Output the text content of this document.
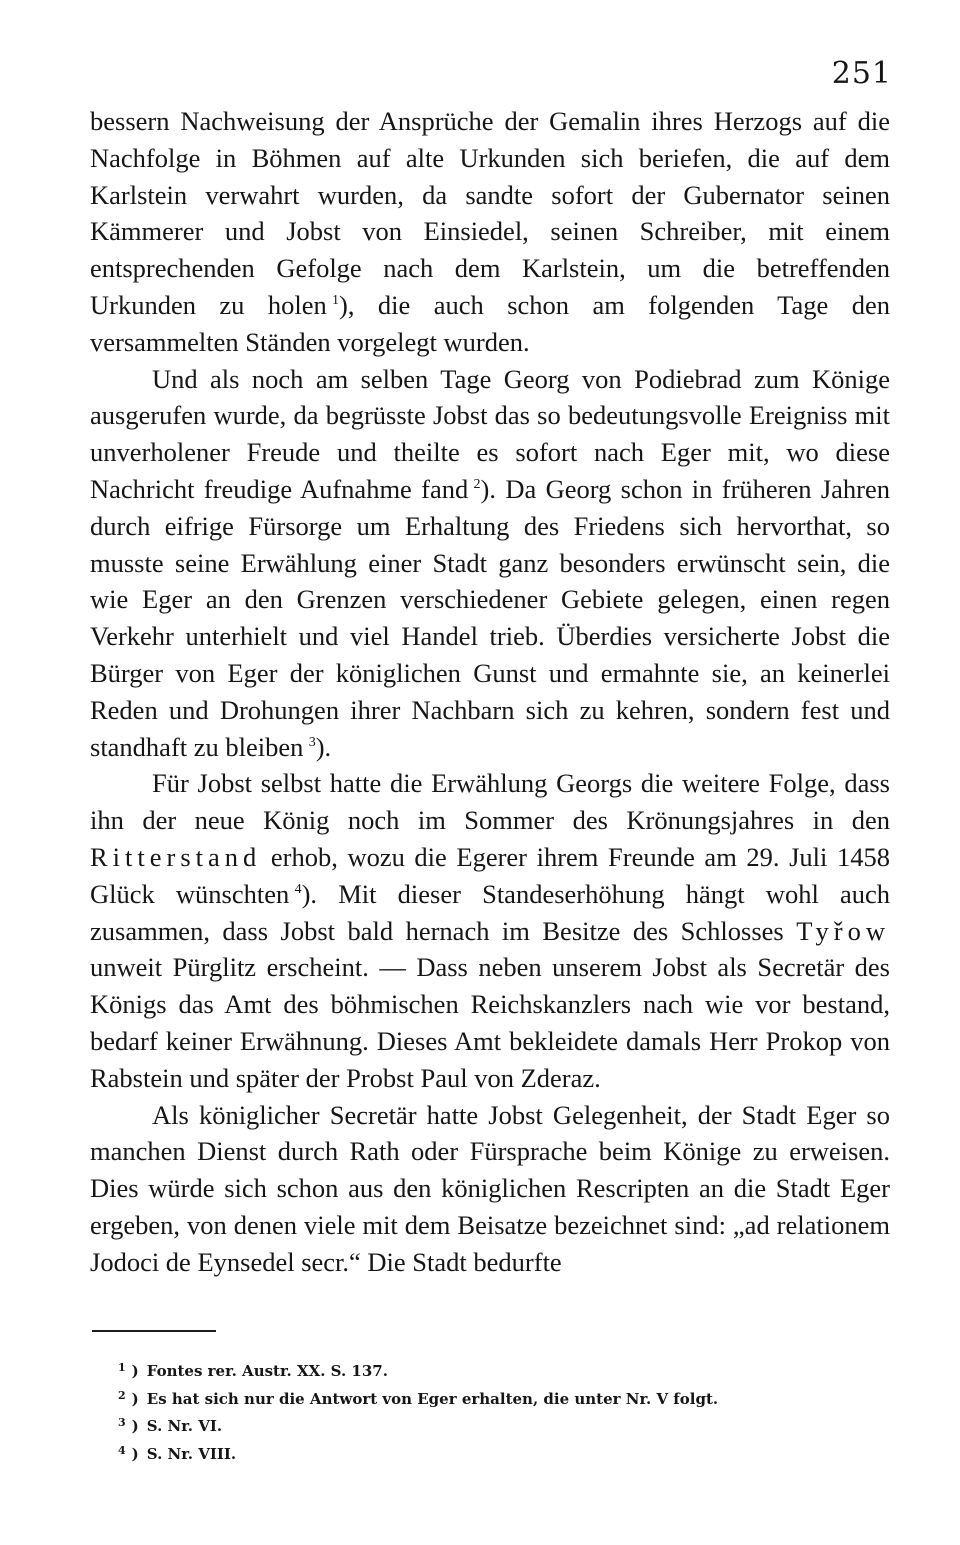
251

bessern Nachweisung der Ansprüche der Gemalin ihres Herzogs auf die Nachfolge in Böhmen auf alte Urkunden sich beriefen, die auf dem Karlstein verwahrt wurden, da sandte sofort der Gubernator seinen Kämmerer und Jobst von Einsiedel, seinen Schreiber, mit einem entsprechenden Gefolge nach dem Karlstein, um die betreffenden Urkunden zu holen  $^1$), die auch schon am folgenden Tage den versammelten Ständen vorgelegt wurden.

Und als noch am selben Tage Georg von Podiebrad zum Könige ausgerufen wurde, da begrüsste Jobst das so bedeutungsvolle Ereigniss mit unverholener Freude und theilte es sofort nach Eger mit, wo diese Nachricht freudige Aufnahme fand  $^2$). Da Georg schon in früheren Jahren durch eifrige Fürsorge um Erhaltung des Friedens sich hervorthat, so musste seine Erwählung einer Stadt ganz besonders erwünscht sein, die wie Eger an den Grenzen verschiedener Gebiete gelegen, einen regen Verkehr unterhielt und viel Handel trieb. Überdies versicherte Jobst die Bürger von Eger der königlichen Gunst und ermahnte sie, an keinerlei Reden und Drohungen ihrer Nachbarn sich zu kehren, sondern fest und standhaft zu bleiben  $^3$).

Für Jobst selbst hatte die Erwählung Georgs die weitere Folge, dass ihn der neue König noch im Sommer des Krönungsjahres in den Ritterstand erhob, wozu die Egerer ihrem Freunde am 29. Juli 1458 Glück wünschten  $^4$). Mit dieser Standeserhöhung hängt wohl auch zusammen, dass Jobst bald hernach im Besitze des Schlosses Tyřow unweit Pürglitz erscheint. — Dass neben unserem Jobst als Secretär des Königs das Amt des böhmischen Reichskanzlers nach wie vor bestand, bedarf keiner Erwähnung. Dieses Amt bekleidete damals Herr Prokop von Rabstein und später der Probst Paul von Zderaz.

Als königlicher Secretär hatte Jobst Gelegenheit, der Stadt Eger so manchen Dienst durch Rath oder Fürsprache beim Könige zu erweisen. Dies würde sich schon aus den königlichen Rescripten an die Stadt Eger ergeben, von denen viele mit dem Beisatze bezeichnet sind: „ad relationem Jodoci de Eynsedel secr.“ Die Stadt bedurfte

$^1$ ) Fontes rer. Austr. XX. S. 137.
$^2$ ) Es hat sich nur die Antwort von Eger erhalten, die unter Nr. V folgt.
$^3$ ) S. Nr. VI.
$^4$ ) S. Nr. VIII.
